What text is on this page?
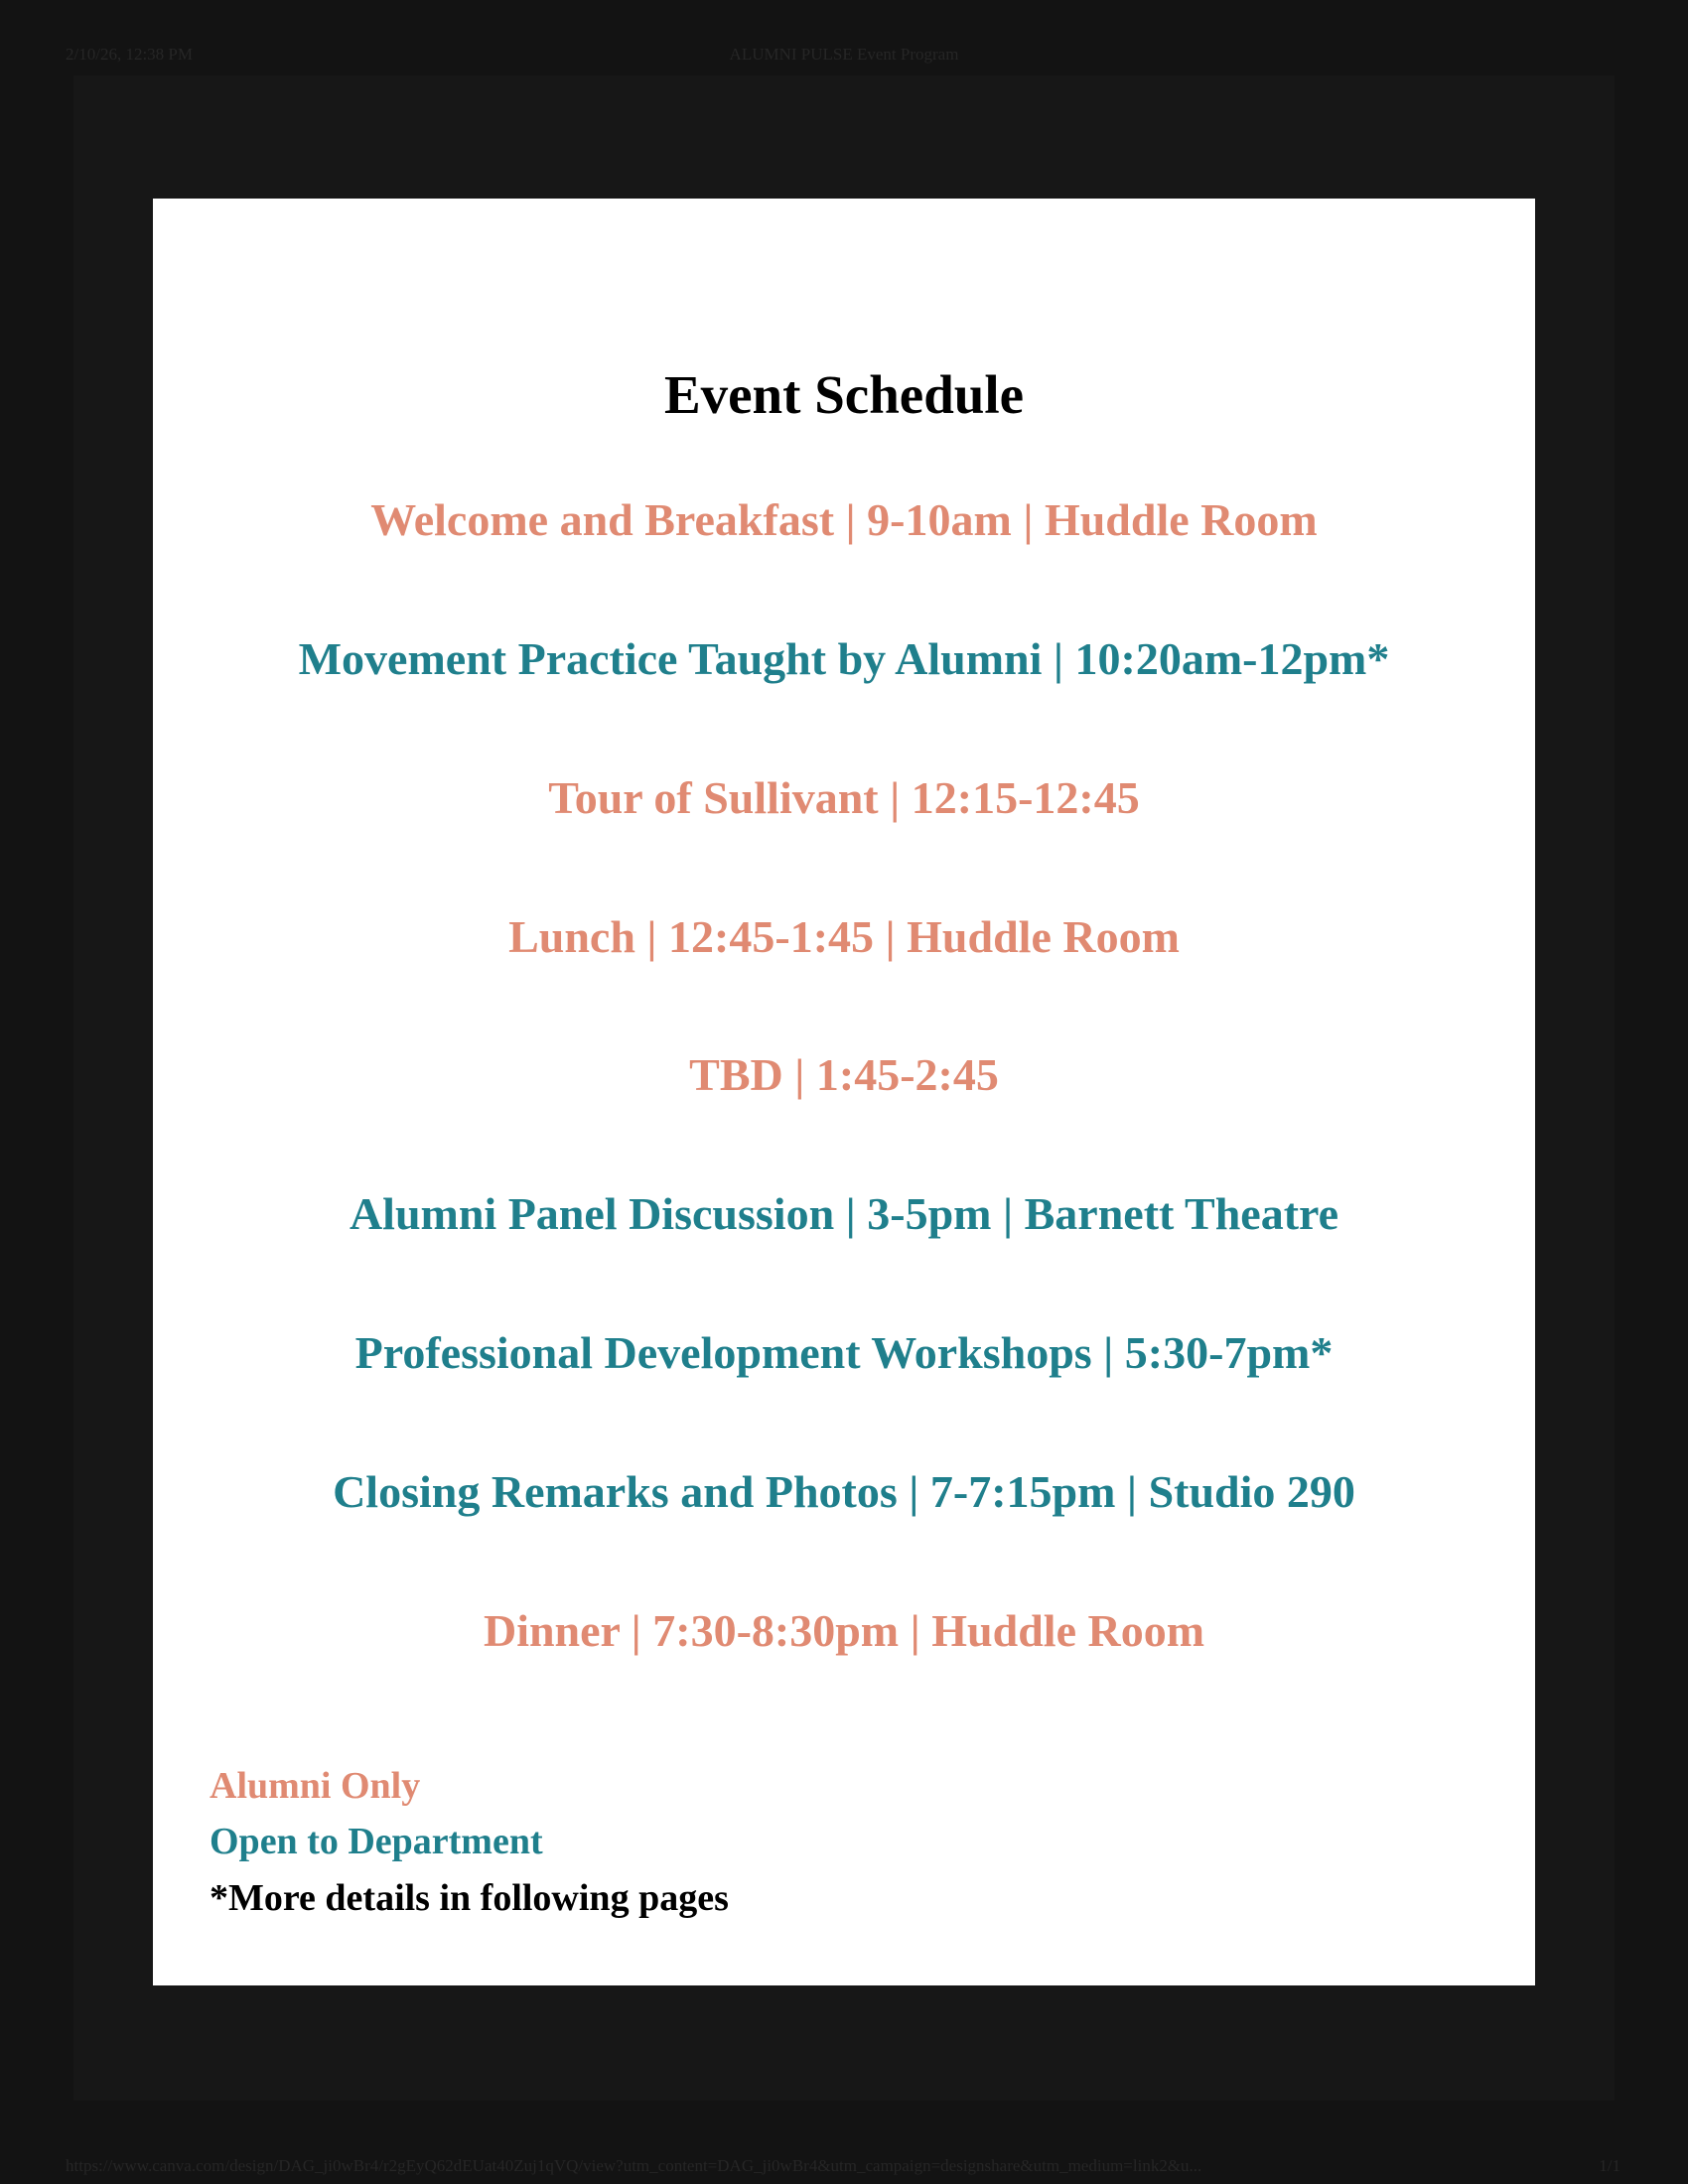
ALUMNI PULSE Event Program
2/10/26, 12:38 PM
Event Schedule
Welcome and Breakfast | 9-10am | Huddle Room
Movement Practice Taught by Alumni | 10:20am-12pm*
Tour of Sullivant | 12:15-12:45
Lunch | 12:45-1:45 | Huddle Room
TBD | 1:45-2:45
Alumni Panel Discussion | 3-5pm | Barnett Theatre
Professional Development Workshops | 5:30-7pm*
Closing Remarks and Photos | 7-7:15pm | Studio 290
Dinner | 7:30-8:30pm | Huddle Room
Alumni Only
Open to Department
*More details in following pages
https://www.canva.com/design/DAG_ji0wBr4/r2gEyQ62dEUat40Zuj1qVQ/view?utm_content=DAG_ji0wBr4&utm_campaign=designshare&utm_medium=link2&u...	1/1
